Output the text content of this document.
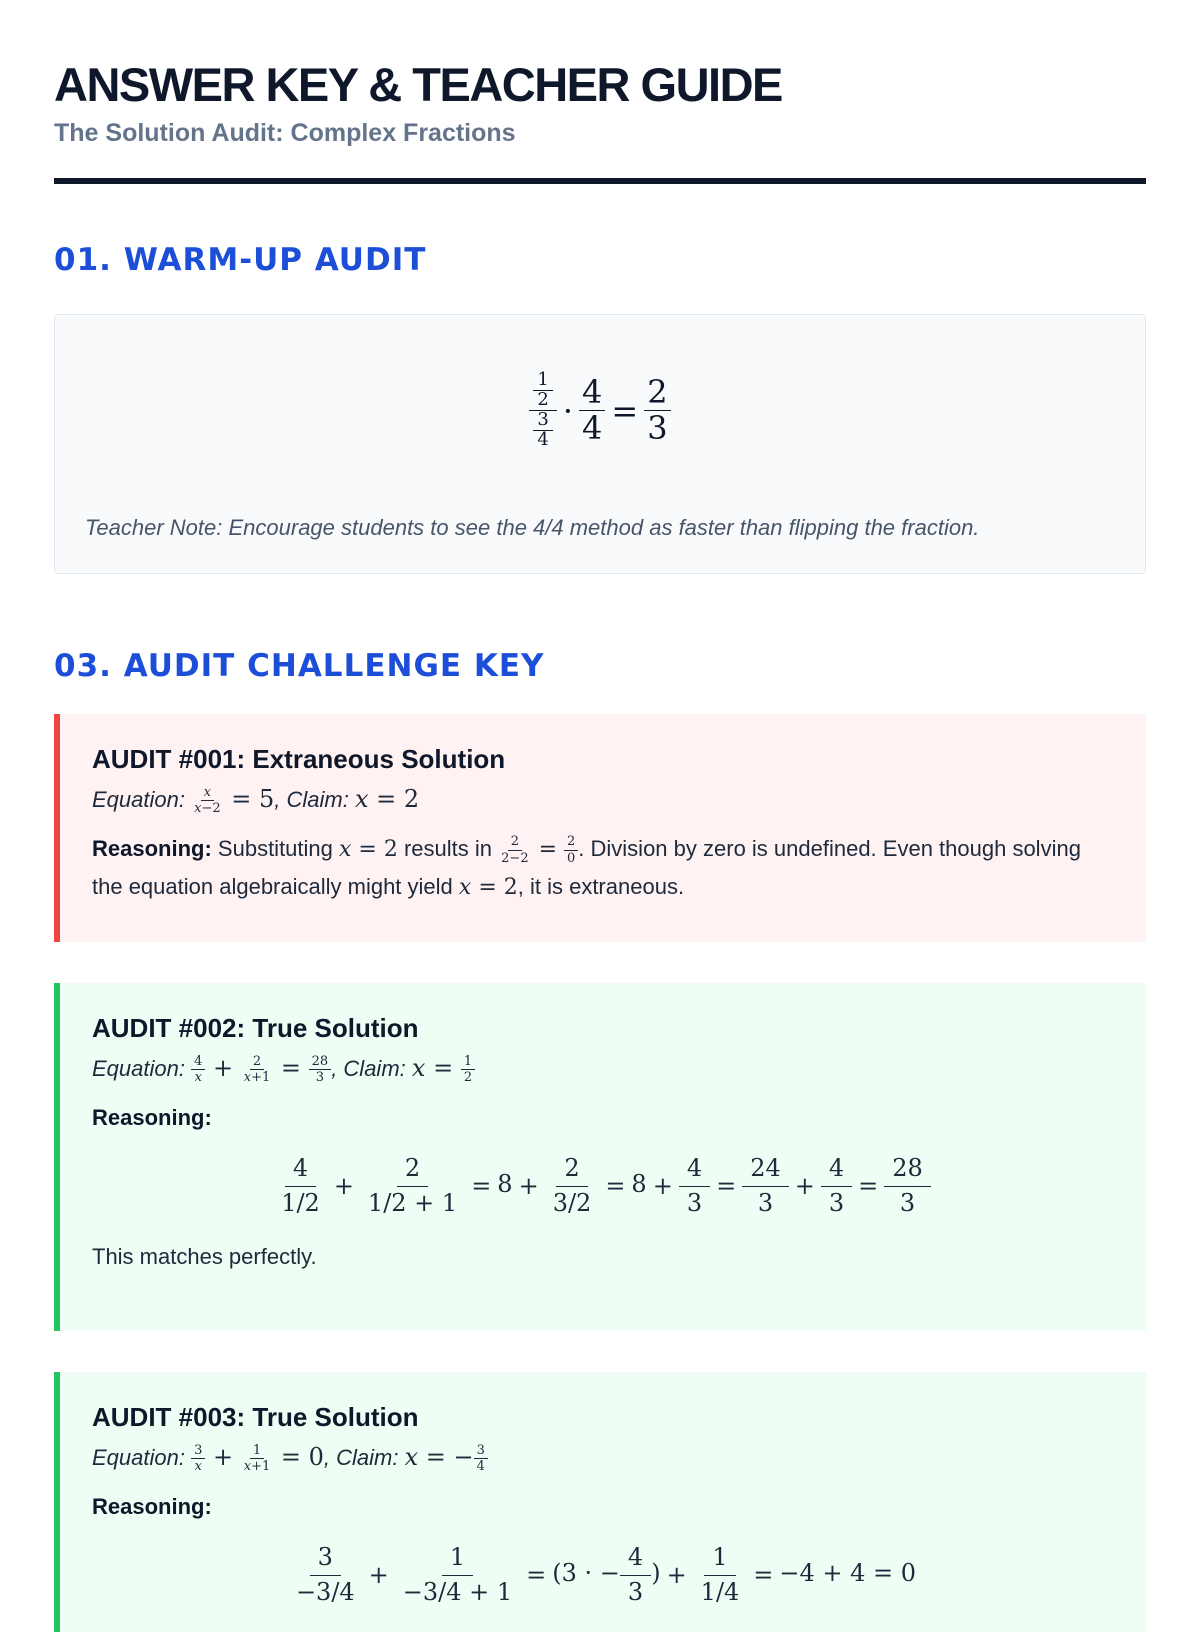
ANSWER KEY & TEACHER GUIDE
The Solution Audit: Complex Fractions
01. WARM-UP AUDIT
$\frac{\frac{1}{2}}{\frac{3}{4}} \cdot \frac{4}{4} = \frac{2}{3}$
Teacher Note: Encourage students to see the 4/4 method as faster than flipping the fraction.
03. AUDIT CHALLENGE KEY
AUDIT #001: Extraneous Solution
Equation: $\frac{x}{x-2} = 5$, Claim: x = 2
Reasoning: Substituting x = 2 results in $\frac{2}{2-2} = \frac{2}{0}$ . Division by zero is undefined. Even though solving the equation algebraically might yield x = 2, it is extraneous.
AUDIT #002: True Solution
Equation: $\frac{4}{x} + \frac{2}{x+1} = \frac{28}{3}$ , Claim: $x = \frac{1}{2}$
Reasoning:
$\frac{4}{1/2} + \frac{2}{1/2 + 1} = 8 + \frac{2}{3/2} = 8 + \frac{4}{3} = \frac{24}{3} + \frac{4}{3} = \frac{28}{3}$
This matches perfectly.
AUDIT #003: True Solution
Equation: $\frac{3}{x} + \frac{1}{x+1} = 0$, Claim: x = − $\frac{3}{4}$
Reasoning:
$\frac{3}{-3/4} + \frac{1}{-3/4 + 1} = (3$ · − $\frac{4}{3}$ ) + $\frac{1}{1/4} = -4 + 4 = 0$
